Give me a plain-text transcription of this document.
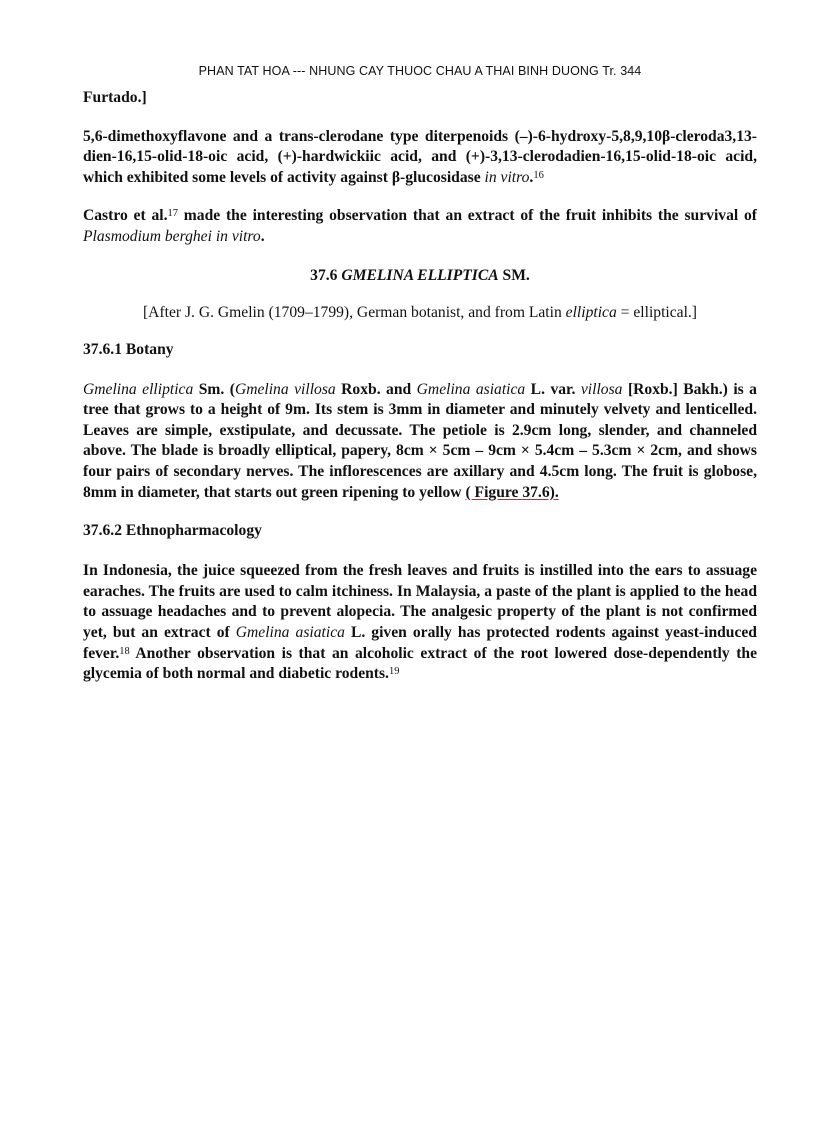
PHAN TAT HOA --- NHUNG CAY THUOC CHAU A THAI BINH DUONG Tr. 344

Furtado.]

5,6-dimethoxyflavone and a trans-clerodane type diterpenoids (–)-6-hydroxy-5,8,9,10β-cleroda3,13-dien-16,15-olid-18-oic acid, (+)-hardwickiic acid, and (+)-3,13-clerodadien-16,15-olid-18-oic acid, which exhibited some levels of activity against β-glucosidase in vitro.$^{16}$

Castro et al.$^{17}$ made the interesting observation that an extract of the fruit inhibits the survival of Plasmodium berghei in vitro.

37.6 GMELINA ELLIPTICA SM.
[After J. G. Gmelin (1709–1799), German botanist, and from Latin elliptica = elliptical.]
37.6.1 Botany

Gmelina elliptica Sm. (Gmelina villosa Roxb. and Gmelina asiatica L. var. villosa [Roxb.] Bakh.) is a tree that grows to a height of 9m. Its stem is 3mm in diameter and minutely velvety and lenticelled. Leaves are simple, exstipulate, and decussate. The petiole is 2.9cm long, slender, and channeled above. The blade is broadly elliptical, papery, 8cm × 5cm – 9cm × 5.4cm – 5.3cm × 2cm, and shows four pairs of secondary nerves. The inflorescences are axillary and 4.5cm long. The fruit is globose, 8mm in diameter, that starts out green ripening to yellow ( Figure 37.6).

37.6.2 Ethnopharmacology

In Indonesia, the juice squeezed from the fresh leaves and fruits is instilled into the ears to assuage earaches. The fruits are used to calm itchiness. In Malaysia, a paste of the plant is applied to the head to assuage headaches and to prevent alopecia. The analgesic property of the plant is not confirmed yet, but an extract of Gmelina asiatica L. given orally has protected rodents against yeast-induced fever.$^{18}$ Another observation is that an alcoholic extract of the root lowered dose-dependently the glycemia of both normal and diabetic rodents.$^{19}$
